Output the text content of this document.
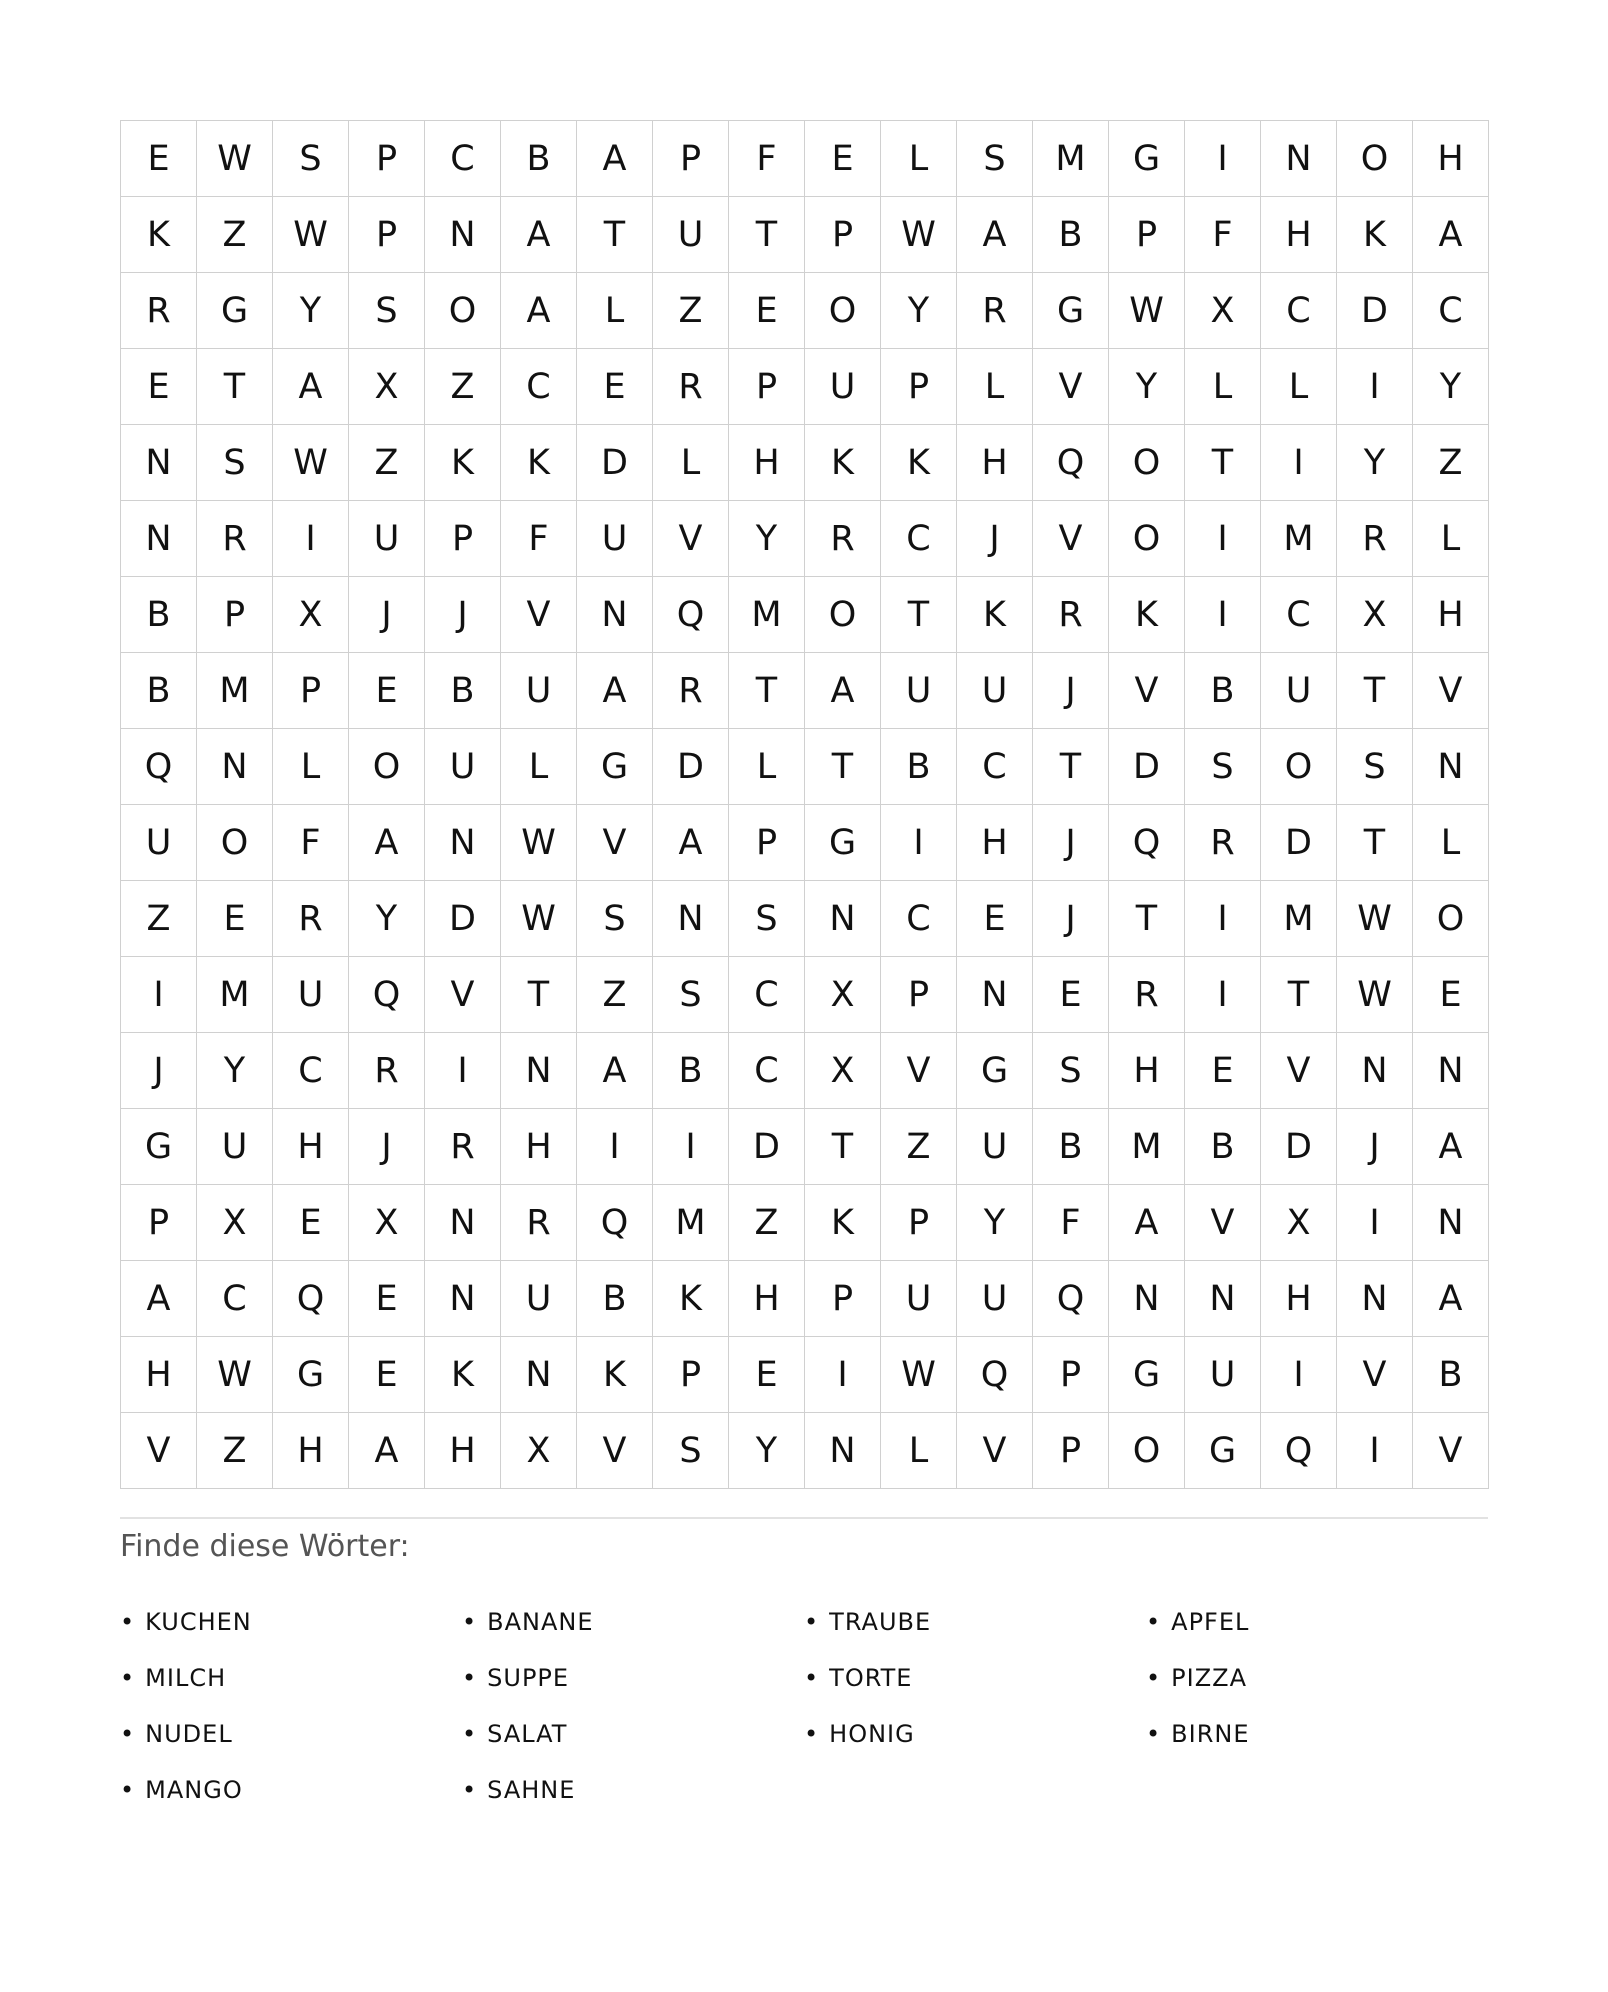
E	W	S	P	C	B	A	P	F	E	L	S	M	G	I	N	O	H
K	Z	W	P	N	A	T	U	T	P	W	A	B	P	F	H	K	A
R	G	Y	S	O	A	L	Z	E	O	Y	R	G	W	X	C	D	C
E	T	A	X	Z	C	E	R	P	U	P	L	V	Y	L	L	I	Y
N	S	W	Z	K	K	D	L	H	K	K	H	Q	O	T	I	Y	Z
N	R	I	U	P	F	U	V	Y	R	C	J	V	O	I	M	R	L
B	P	X	J	J	V	N	Q	M	O	T	K	R	K	I	C	X	H
B	M	P	E	B	U	A	R	T	A	U	U	J	V	B	U	T	V
Q	N	L	O	U	L	G	D	L	T	B	C	T	D	S	O	S	N
U	O	F	A	N	W	V	A	P	G	I	H	J	Q	R	D	T	L
Z	E	R	Y	D	W	S	N	S	N	C	E	J	T	I	M	W	O
I	M	U	Q	V	T	Z	S	C	X	P	N	E	R	I	T	W	E
J	Y	C	R	I	N	A	B	C	X	V	G	S	H	E	V	N	N
G	U	H	J	R	H	I	I	D	T	Z	U	B	M	B	D	J	A
P	X	E	X	N	R	Q	M	Z	K	P	Y	F	A	V	X	I	N
A	C	Q	E	N	U	B	K	H	P	U	U	Q	N	N	H	N	A
H	W	G	E	K	N	K	P	E	I	W	Q	P	G	U	I	V	B
V	Z	H	A	H	X	V	S	Y	N	L	V	P	O	G	Q	I	V
Finde diese Wörter:
• KUCHEN	• BANANE	• TRAUBE	• APFEL
• MILCH	• SUPPE	• TORTE	• PIZZA
• NUDEL	• SALAT	• HONIG	• BIRNE
• MANGO	• SAHNE
